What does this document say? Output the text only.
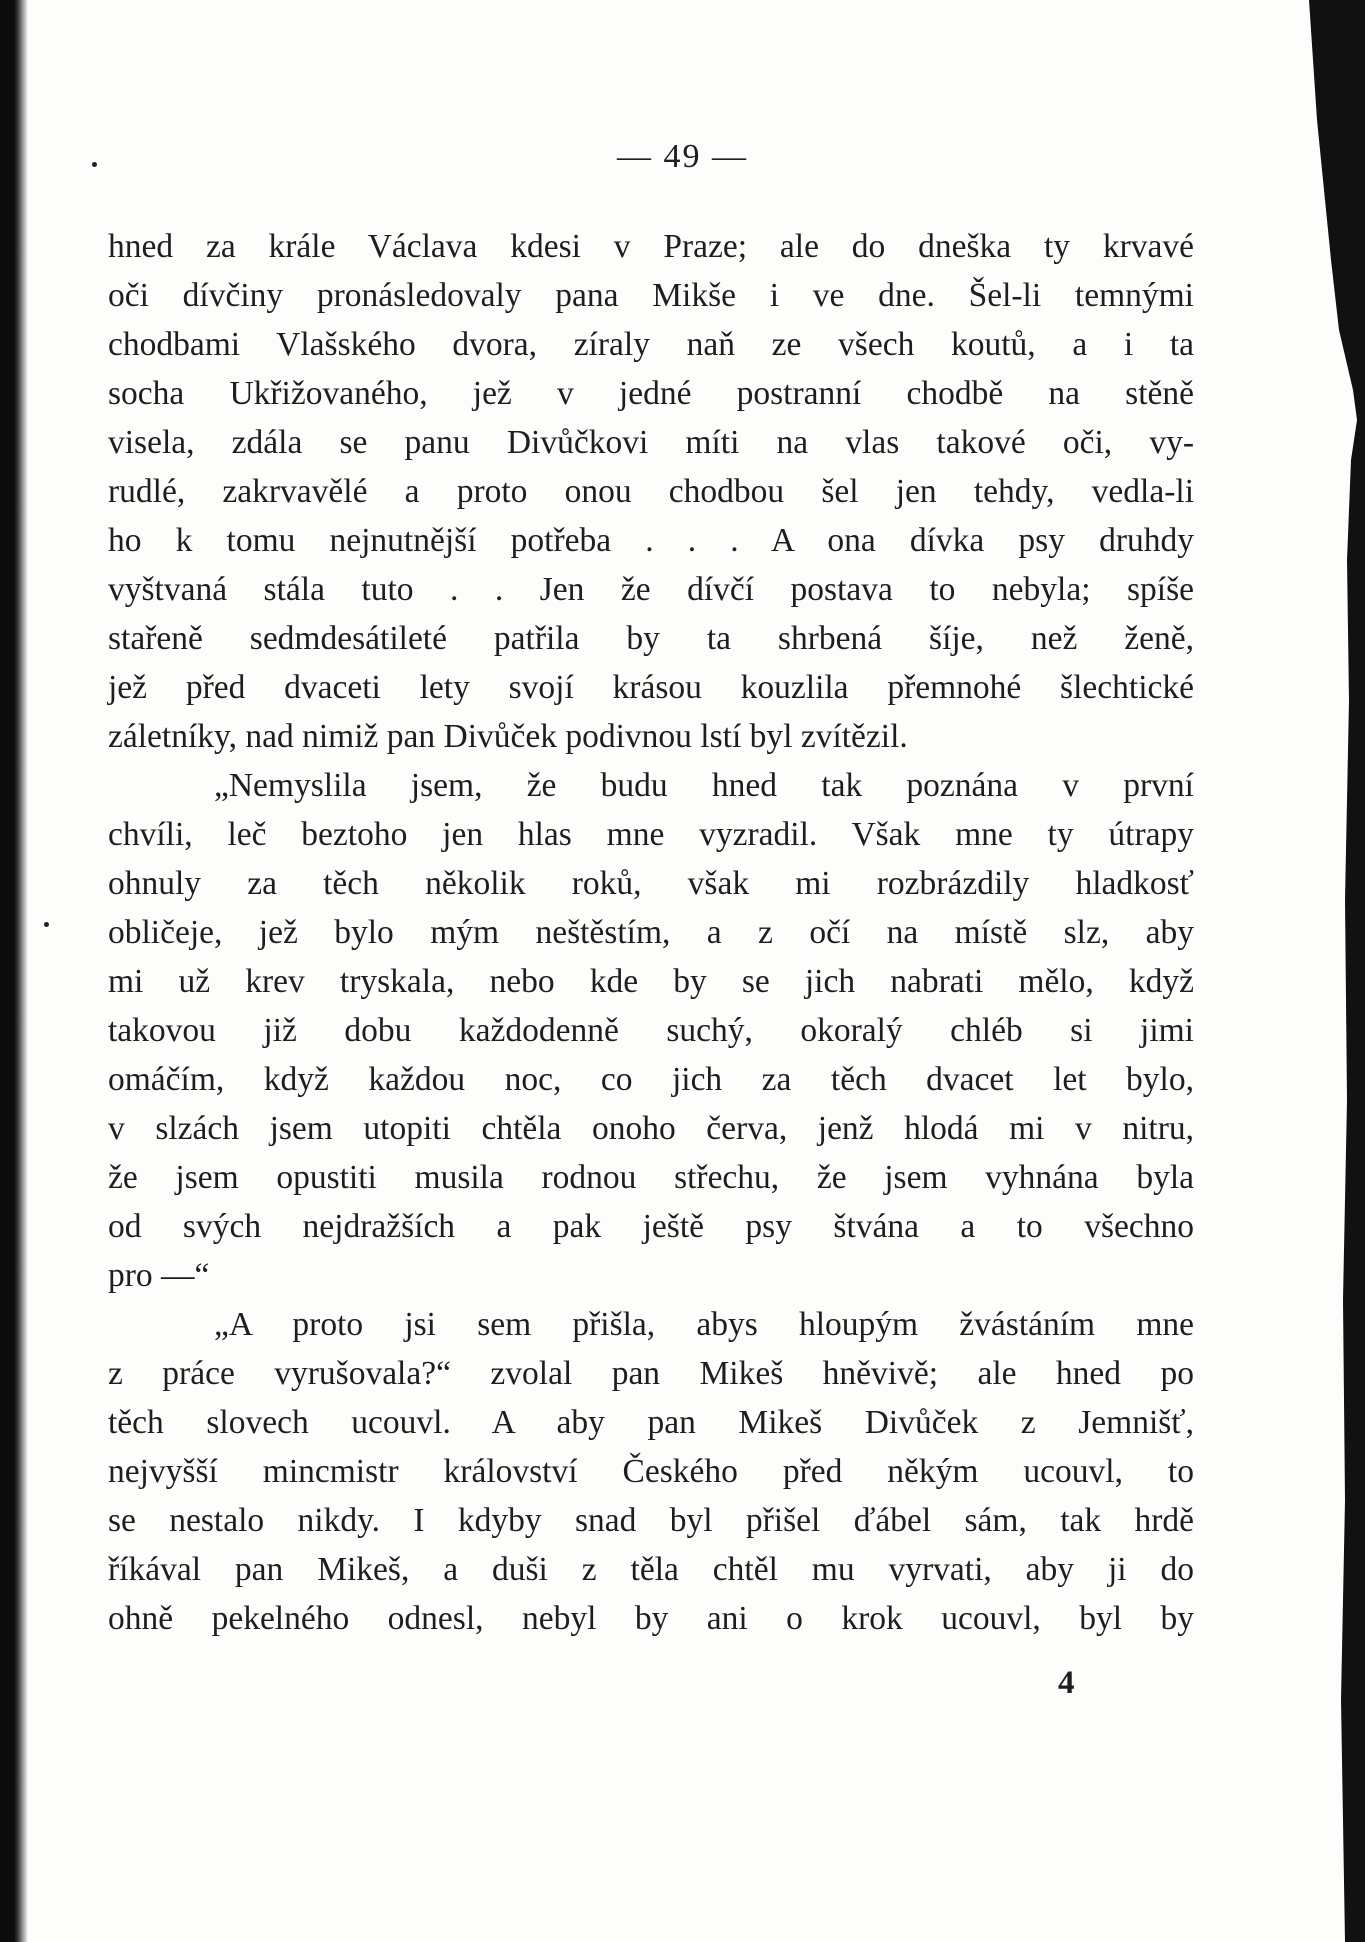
— 49 —
hned za krále Václava kdesi v Praze; ale do dneška ty krvavé
oči dívčiny pronásledovaly pana Mikše i ve dne. Šel-li temnými
chodbami Vlašského dvora, zíraly naň ze všech koutů, a i ta
socha Ukřižovaného, jež v jedné postranní chodbě na stěně
visela, zdála se panu Divůčkovi míti na vlas takové oči, vy-
rudlé, zakrvavělé a proto onou chodbou šel jen tehdy, vedla-li
ho k tomu nejnutnější potřeba . . . A ona dívka psy druhdy
vyštvaná stála tuto . . Jen že dívčí postava to nebyla; spíše
stařeně sedmdesátileté patřila by ta shrbená šíje, než ženě,
jež před dvaceti lety svojí krásou kouzlila přemnohé šlechtické
záletníky, nad nimiž pan Divůček podivnou lstí byl zvítězil.
„Nemyslila jsem, že budu hned tak poznána v první
chvíli, leč beztoho jen hlas mne vyzradil. Však mne ty útrapy
ohnuly za těch několik roků, však mi rozbrázdily hladkosť
obličeje, jež bylo mým neštěstím, a z očí na místě slz, aby
mi už krev tryskala, nebo kde by se jich nabrati mělo, když
takovou již dobu každodenně suchý, okoralý chléb si jimi
omáčím, když každou noc, co jich za těch dvacet let bylo,
v slzách jsem utopiti chtěla onoho červa, jenž hlodá mi v nitru,
že jsem opustiti musila rodnou střechu, že jsem vyhnána byla
od svých nejdražších a pak ještě psy štvána a to všechno
pro —“
„A proto jsi sem přišla, abys hloupým žvástáním mne
z práce vyrušovala?“ zvolal pan Mikeš hněvivě; ale hned po
těch slovech ucouvl. A aby pan Mikeš Divůček z Jemnišť,
nejvyšší mincmistr království Českého před někým ucouvl, to
se nestalo nikdy. I kdyby snad byl přišel ďábel sám, tak hrdě
říkával pan Mikeš, a duši z těla chtěl mu vyrvati, aby ji do
ohně pekelného odnesl, nebyl by ani o krok ucouvl, byl by
4
